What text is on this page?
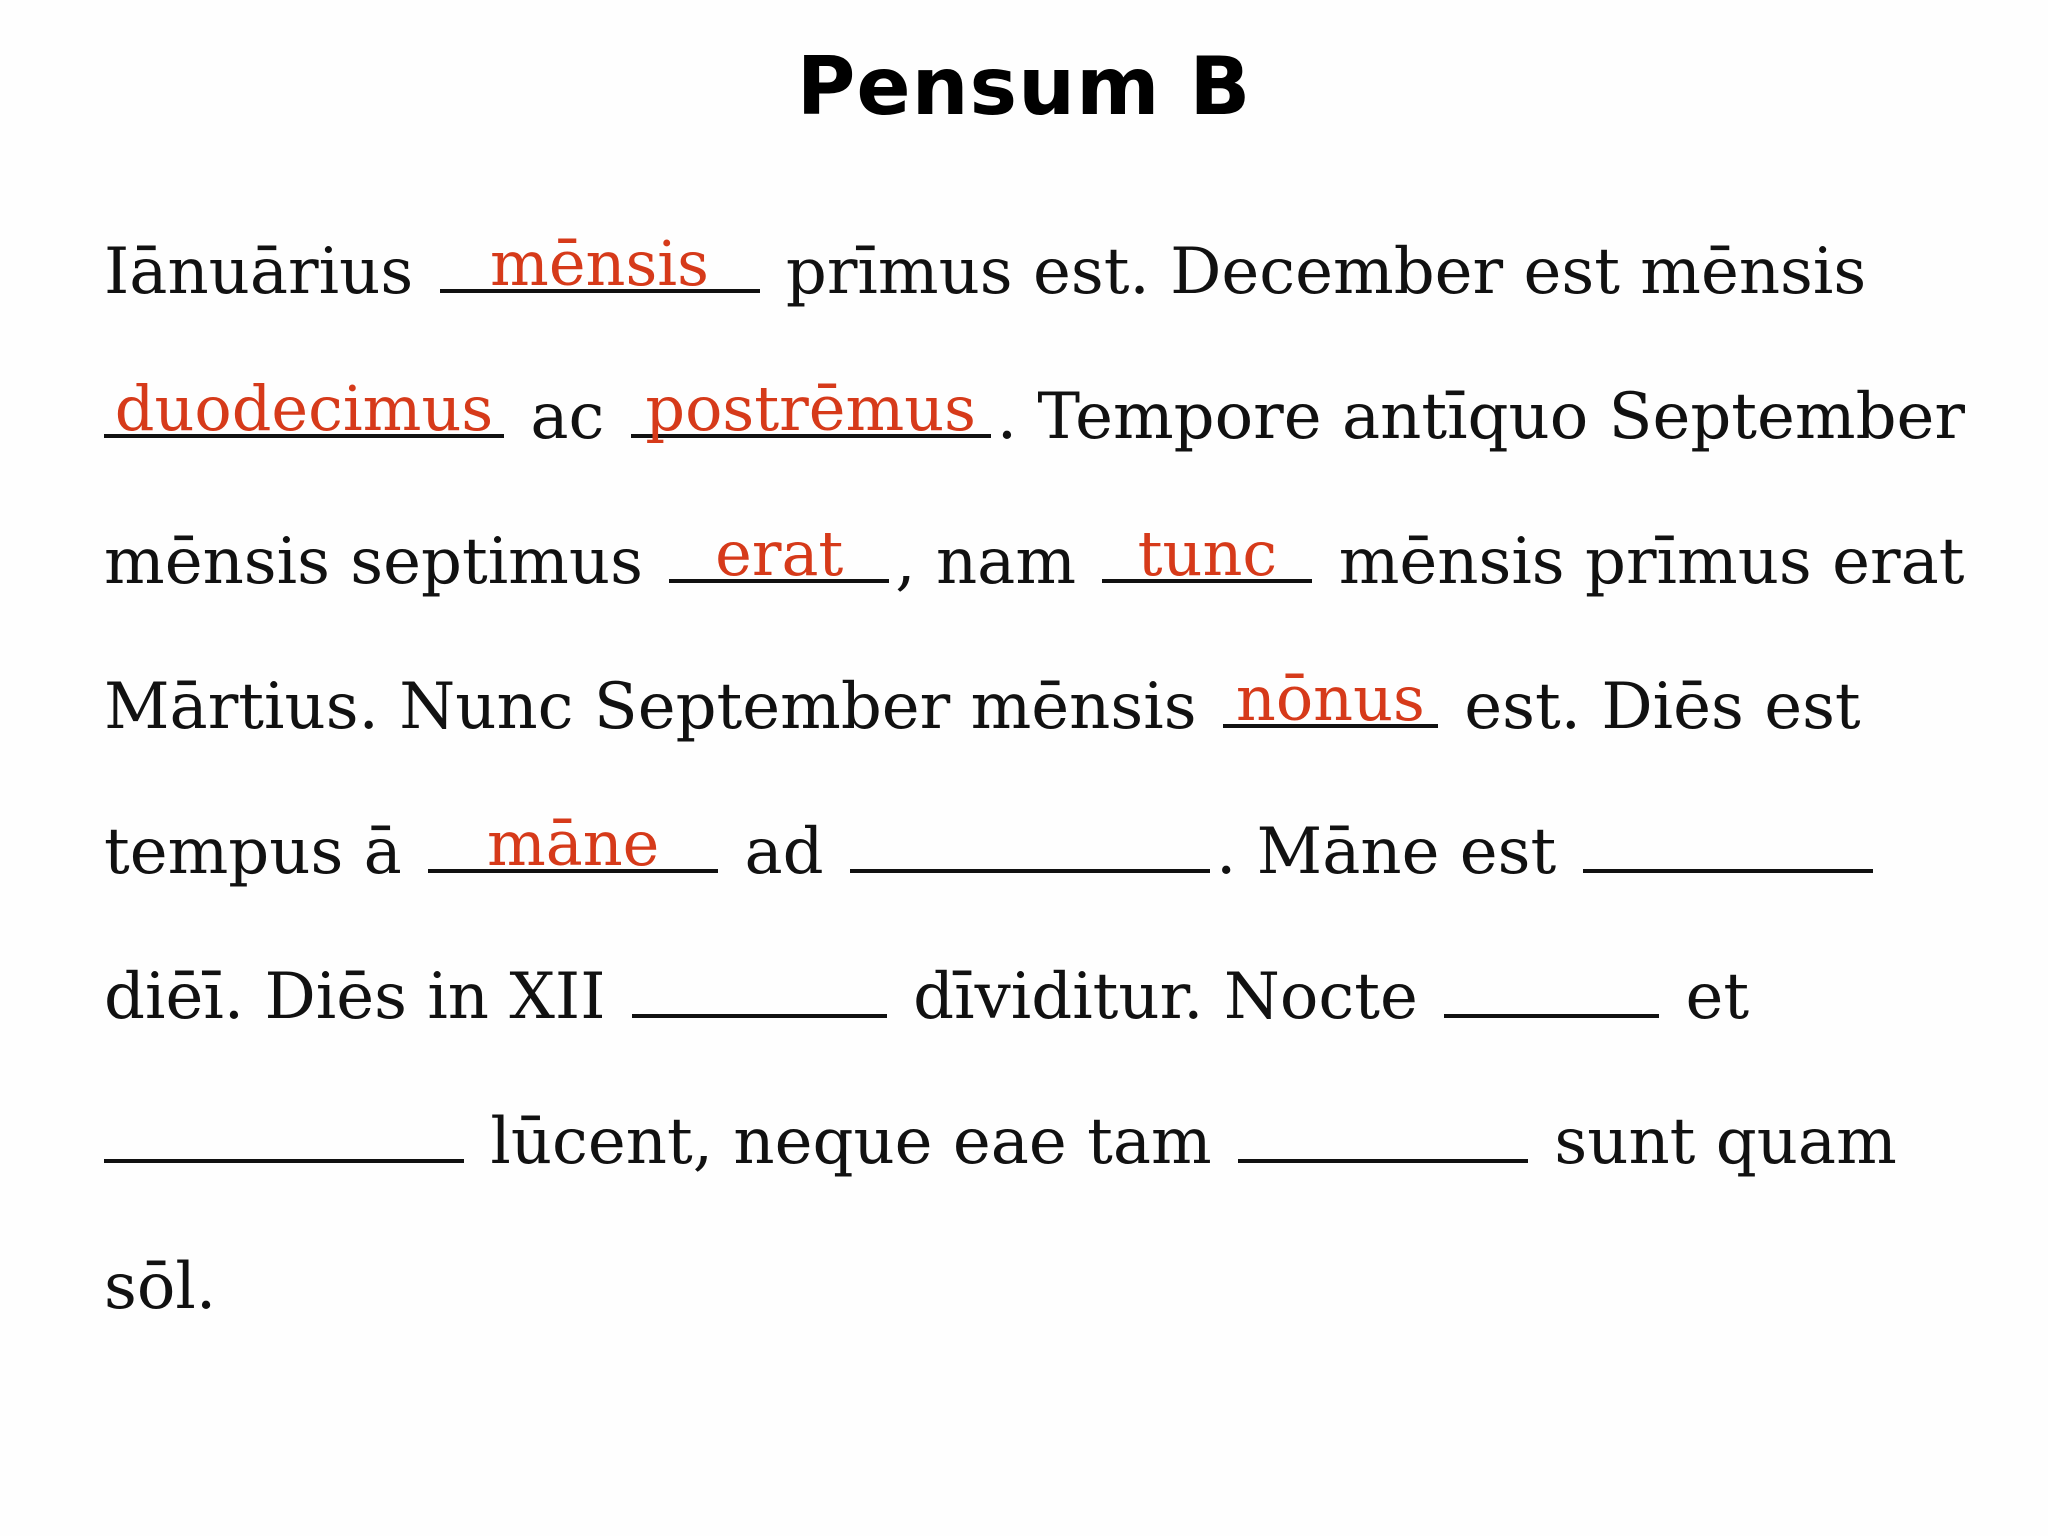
Pensum B
Iānuārius mēnsis prīmus est. December est mēnsis
duodecimus ac postrēmus . Tempore antīquo September
mēnsis septimus erat , nam tunc mēnsis prīmus erat
Mārtius. Nunc September mēnsis nōnus est. Diēs est
tempus ā	māne	ad	. Māne est
diēī. Diēs in XII	dīviditur. Nocte	et
lūcent, neque eae tam	sunt quam
sōl.
